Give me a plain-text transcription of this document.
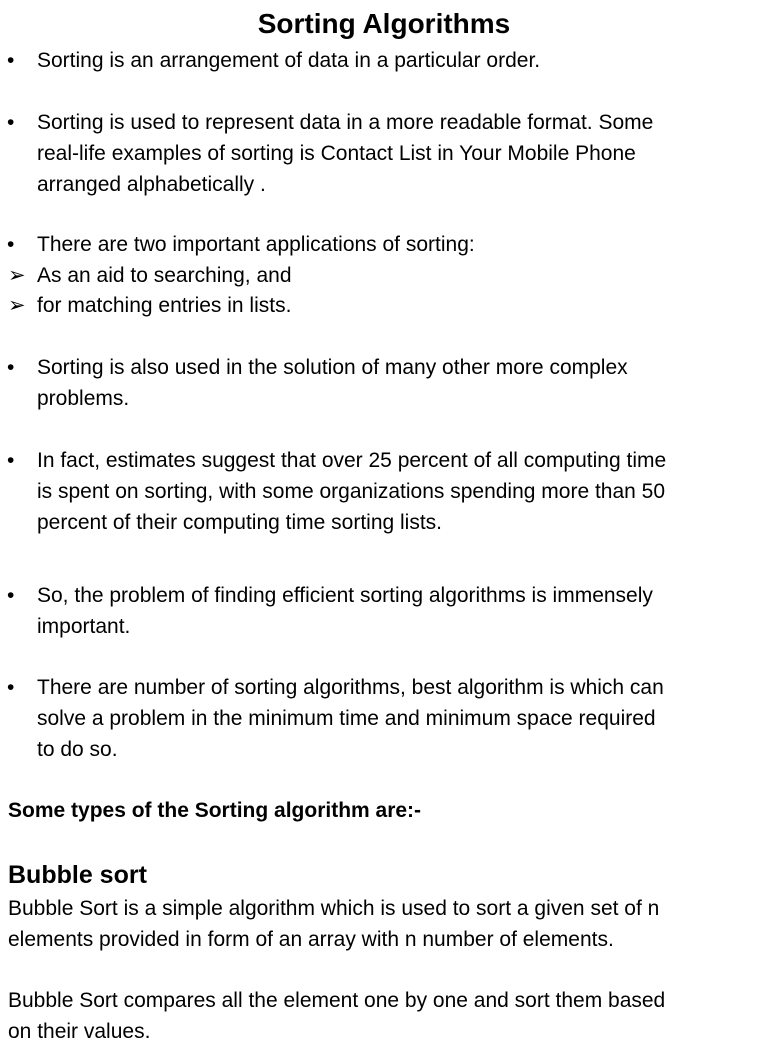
Sorting Algorithms
•	Sorting is an arrangement of data in a particular order.
•	Sorting is used to represent data in a more readable format. Some
real-life examples of sorting is Contact List in Your Mobile Phone
arranged alphabetically .
•	There are two important applications of sorting:
➢ As an aid to searching, and
➢ for matching entries in lists.
•	Sorting is also used in the solution of many other more complex
problems.
•	In fact, estimates suggest that over 25 percent of all computing time
is spent on sorting, with some organizations spending more than 50
percent of their computing time sorting lists.
•	So, the problem of finding efficient sorting algorithms is immensely
important.
•	There are number of sorting algorithms, best algorithm is which can
solve a problem in the minimum time and minimum space required
to do so.
Some types of the Sorting algorithm are:-
Bubble sort
Bubble Sort is a simple algorithm which is used to sort a given set of n
elements provided in form of an array with n number of elements.
Bubble Sort compares all the element one by one and sort them based
on their values.
